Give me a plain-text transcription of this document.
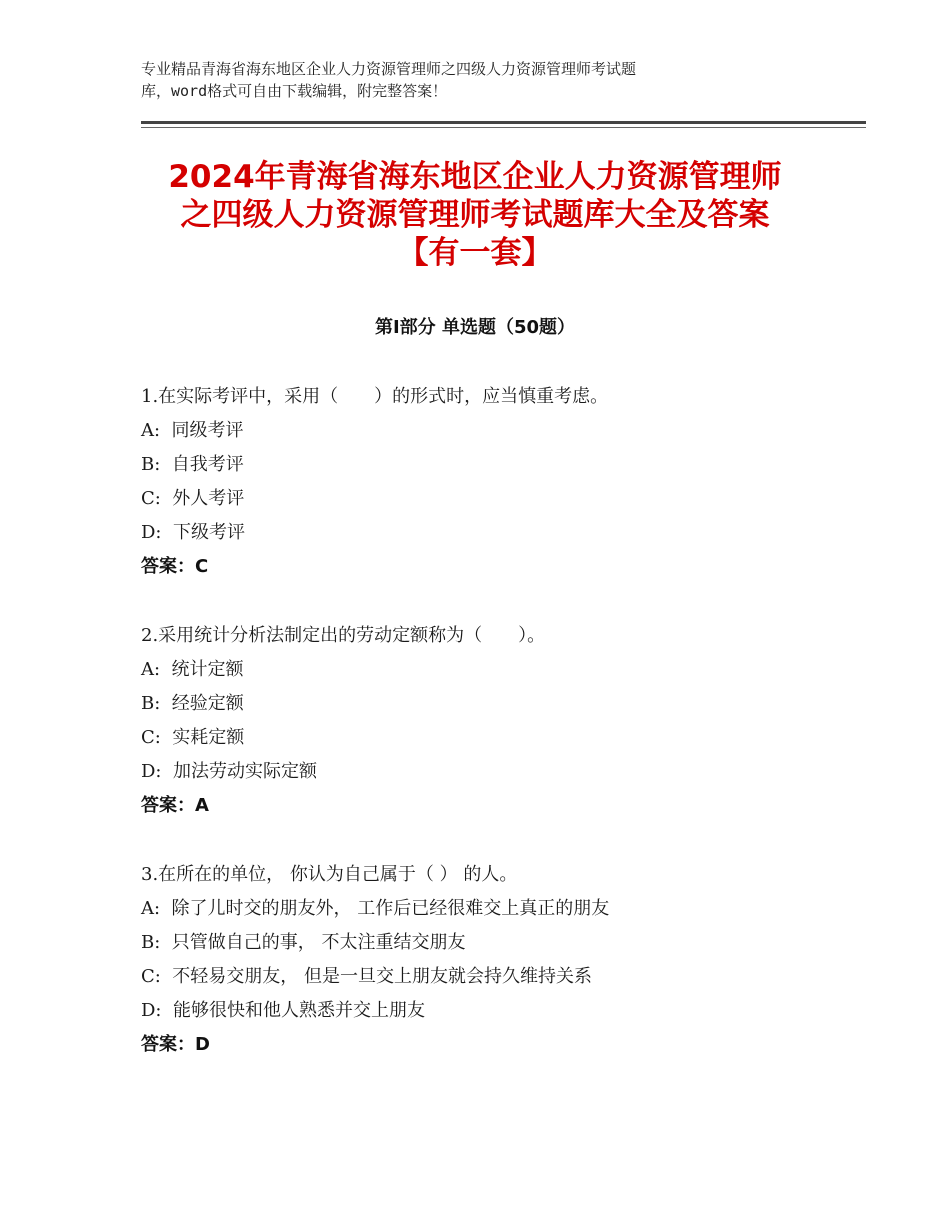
专业精品青海省海东地区企业人力资源管理师之四级人力资源管理师考试题
库，word格式可自由下载编辑，附完整答案！
2024年青海省海东地区企业人力资源管理师
之四级人力资源管理师考试题库大全及答案
【有一套】
第Ⅰ部分 单选题（50题）
1.在实际考评中，采用（　　）的形式时，应当慎重考虑。
A:  同级考评
B:  自我考评
C:  外人考评
D:  下级考评
答案：C
2.采用统计分析法制定出的劳动定额称为（　　）。
A:  统计定额
B:  经验定额
C:  实耗定额
D:  加法劳动实际定额
答案：A
3.在所在的单位， 你认为自己属于（ ） 的人。
A:  除了儿时交的朋友外， 工作后已经很难交上真正的朋友
B:  只管做自己的事， 不太注重结交朋友
C:  不轻易交朋友， 但是一旦交上朋友就会持久维持关系
D:  能够很快和他人熟悉并交上朋友
答案：D
